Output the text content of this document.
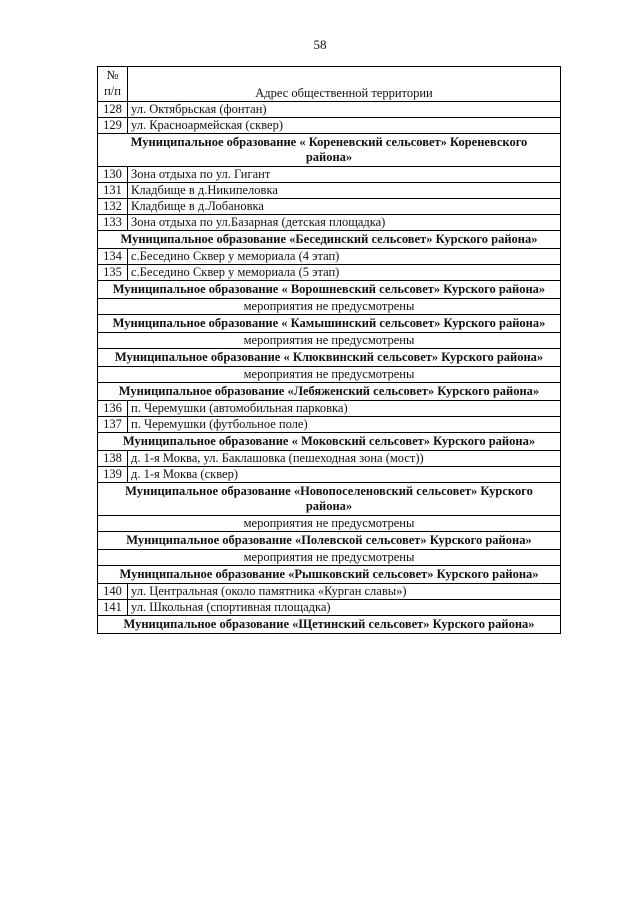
58
№
п/п	Адрес общественной территории
128	ул. Октябрьская (фонтан)
129	ул. Красноармейская (сквер)
Муниципальное образование « Кореневский сельсовет» Кореневского района»	
130	Зона отдыха по ул. Гигант
131	Кладбище в д.Никипеловка
132	Кладбище в д.Лобановка
133	Зона отдыха по ул.Базарная (детская площадка)
Муниципальное образование «Бесединский сельсовет» Курского района»	
134	с.Беседино Сквер у мемориала (4 этап)
135	с.Беседино Сквер у мемориала (5 этап)
Муниципальное образование « Ворошневский сельсовет» Курского района»	
мероприятия не предусмотрены	
Муниципальное образование « Камышинский сельсовет» Курского района»	
мероприятия не предусмотрены	
Муниципальное образование « Клюквинский сельсовет» Курского района»	
мероприятия не предусмотрены	
Муниципальное образование «Лебяженский сельсовет» Курского района»	
136	п. Черемушки (автомобильная парковка)
137	п. Черемушки (футбольное поле)
Муниципальное образование « Моковский сельсовет» Курского района»	
138	д. 1-я Моква, ул. Баклашовка (пешеходная зона (мост))
139	д. 1-я Моква (сквер)
Муниципальное образование «Новопоселеновский сельсовет» Курского района»	
мероприятия не предусмотрены	
Муниципальное образование «Полевской сельсовет» Курского района»	
мероприятия не предусмотрены	
Муниципальное образование «Рышковский сельсовет» Курского района»	
140	ул. Центральная (около памятника «Курган славы»)
141	ул. Школьная (спортивная площадка)
Муниципальное образование «Щетинский сельсовет» Курского района»	
